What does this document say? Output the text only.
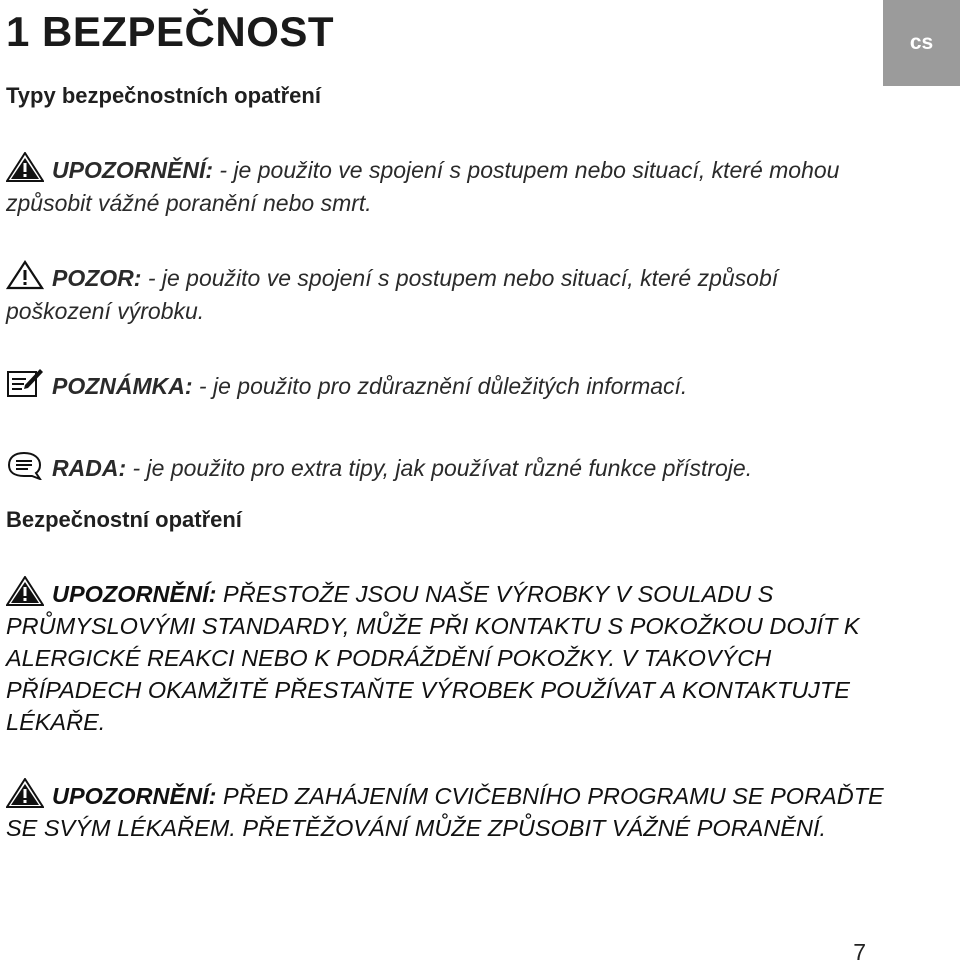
1 BEZPEČNOST	cs
Typy bezpečnostních opatření
UPOZORNĚNÍ: - je použito ve spojení s postupem nebo situací, které mohou způsobit vážné poranění nebo smrt.
POZOR: - je použito ve spojení s postupem nebo situací, které způsobí poškození výrobku.
POZNÁMKA: - je použito pro zdůraznění důležitých informací.
RADA: - je použito pro extra tipy, jak používat různé funkce přístroje.
Bezpečnostní opatření
UPOZORNĚNÍ: PŘESTOŽE JSOU NAŠE VÝROBKY V SOULADU S PRŮMYSLOVÝMI STANDARDY, MŮŽE PŘI KONTAKTU S POKOŽKOU DOJÍT K ALERGICKÉ REAKCI NEBO K PODRÁŽDĚNÍ POKOŽKY. V TAKOVÝCH PŘÍPADECH OKAMŽITĚ PŘESTAŇTE VÝROBEK POUŽÍVAT A KONTAKTUJTE LÉKAŘE.
UPOZORNĚNÍ: PŘED ZAHÁJENÍM CVIČEBNÍHO PROGRAMU SE PORAĎTE SE SVÝM LÉKAŘEM. PŘETĚŽOVÁNÍ MŮŽE ZPŮSOBIT VÁŽNÉ PORANĚNÍ.
7
